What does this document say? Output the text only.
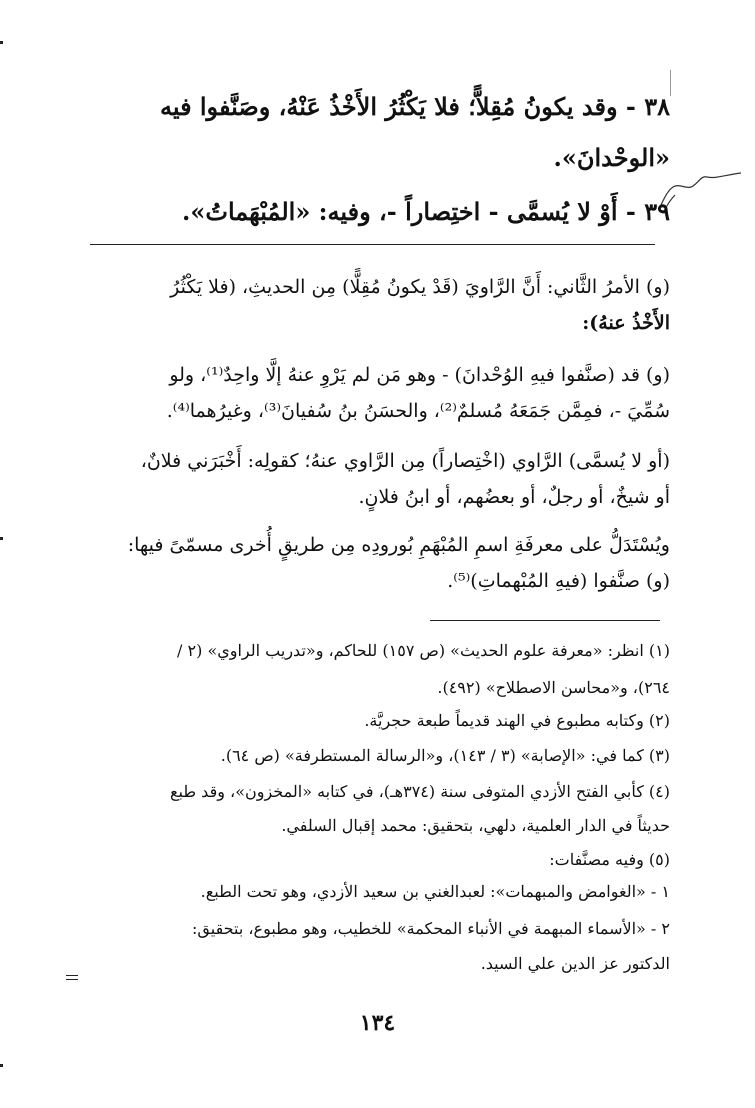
٣٨ - وقد يكونُ مُقِلاًّ؛ فلا يَكْثُرُ الأَخْذُ عَنْهُ، وصَنَّفوا فيه
«الوحْدانَ».
٣٩ - أَوْ لا يُسمَّى - اختِصاراً -، وفيه: «المُبْهَماتُ».
(و) الأمرُ الثَّاني: أَنَّ الرَّاويَ (قَدْ يكونُ مُقِلًّا) مِن الحديثِ، (فلا يَكْثُرُ
الأَخْذُ عنهُ):
(و) قد (صنَّفوا فيهِ الوُحْدانَ) - وهو مَن لم يَرْوِ عنهُ إلَّا واحِدٌ⁽¹⁾، ولو
سُمِّيَ -، فمِمَّن جَمَعَهُ مُسلمٌ⁽²⁾، والحسَنُ بنُ سُفيانَ⁽³⁾، وغيرُهما⁽⁴⁾.
(أو لا يُسمَّى) الرَّاوي (اخْتِصاراً) مِن الرَّاوي عنهُ؛ كقولِه: أَخْبَرَني فلانٌ،
أو شيخٌ، أو رجلٌ، أو بعضُهم، أو ابنُ فلانٍ.
ويُسْتَدَلُّ على معرفَةِ اسمِ المُبْهَمِ بُورودِه مِن طريقٍ أُخرى مسمّىً فيها:
(و) صنَّفوا (فيهِ المُبْهماتِ)⁽⁵⁾.
(١) انظر: «معرفة علوم الحديث» (ص ١٥٧) للحاكم، و«تدريب الراوي» (٢ /
٢٦٤)، و«محاسن الاصطلاح» (٤٩٢).
(٢) وكتابه مطبوع في الهند قديماً طبعة حجريَّة.
(٣) كما في: «الإصابة» (٣ / ١٤٣)، و«الرسالة المستطرفة» (ص ٦٤).
(٤) كأبي الفتح الأزدي المتوفى سنة (٣٧٤هـ)، في كتابه «المخزون»، وقد طبع
حديثاً في الدار العلمية، دلهي، بتحقيق: محمد إقبال السلفي.
(٥) وفيه مصنَّفات:
١ - «الغوامض والمبهمات»: لعبدالغني بن سعيد الأزدي، وهو تحت الطبع.
٢ - «الأسماء المبهمة في الأنباء المحكمة» للخطيب، وهو مطبوع، بتحقيق:
الدكتور عز الدين علي السيد.
١٣٤
